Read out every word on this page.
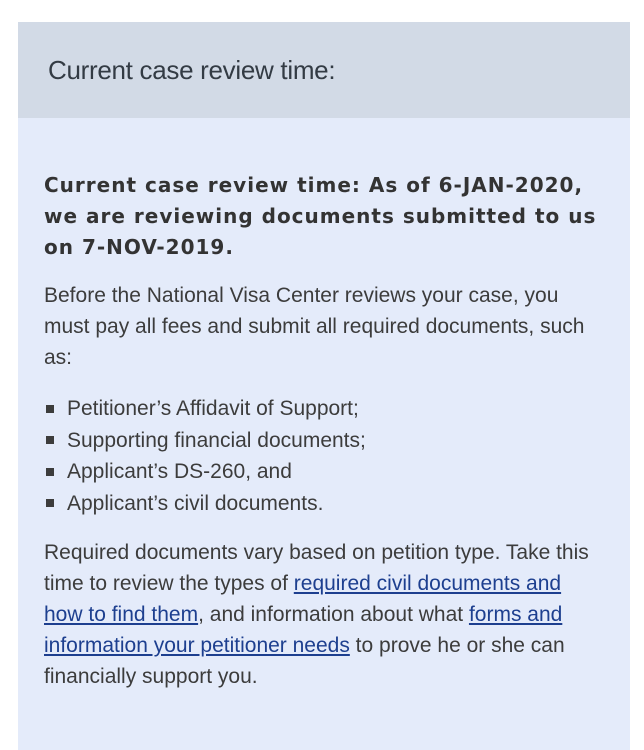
Current case review time:

Current case review time: As of 6-JAN-2020, we are reviewing documents submitted to us on 7-NOV-2019.

Before the National Visa Center reviews your case, you must pay all fees and submit all required documents, such as:

Petitioner’s Affidavit of Support;
Supporting financial documents;
Applicant’s DS-260, and
Applicant’s civil documents.

Required documents vary based on petition type. Take this time to review the types of required civil documents and how to find them, and information about what forms and information your petitioner needs to prove he or she can financially support you.
